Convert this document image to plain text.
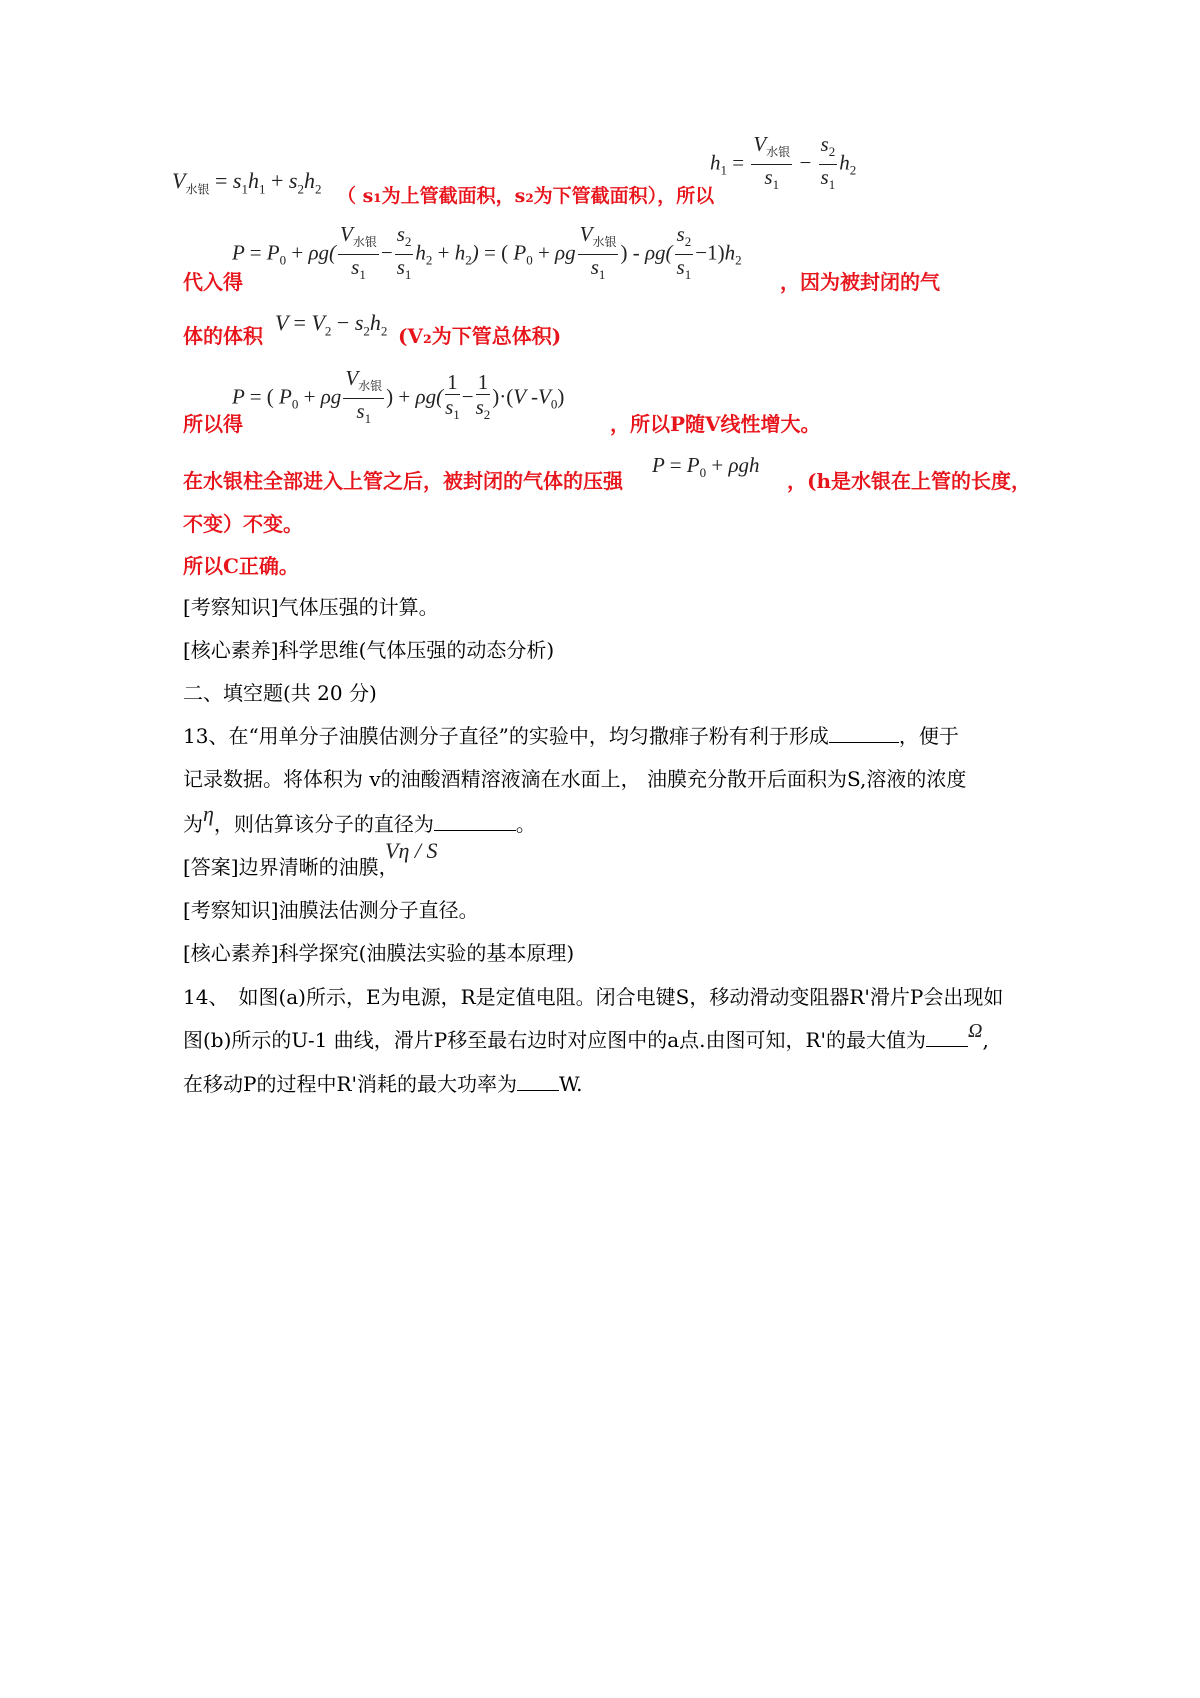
$V_{水银} = s_1h_1 + s_2h_2$ （ s₁为上管截面积，s₂为下管截面积），所以
$h_1 = \frac{V_{水银}}{s_1} - \frac{s_2}{s_1} h_2$
$P = P_0 + \rho g( \frac{V_{水银}}{s_1} - \frac{s_2}{s_1} h_2 + h_2)$ = ( $P_0 + \rho g \frac{V_{水银}}{s_1}$ ) - $\rho g( \frac{s_2}{s_1} -1)h_2$
代入得	，因为被封闭的气
体的体积
$V = V_2 - s_2h_2$ (V₂为下管总体积)
P = ( $P_0 + \rho g \frac{V_{水银}}{s_1}$ ) + $\rho g( \frac{1}{s_1} - \frac{1}{s_2} )\cdot(V$ $-V_0$)
所以得	，所以P随V线性增大。
在水银柱全部进入上管之后，被封闭的气体的压强
$P = P_0 + \rho gh$
，(h是水银在上管的长度，
不变）不变。
所以C正确。
[考察知识]气体压强的计算。
[核心素养]科学思维(气体压强的动态分析)
二、填空题(共 20 分)
13、在“用单分子油膜估测分子直径”的实验中，均匀撒痱子粉有利于形成	，便于
记录数据。将体积为 v的油酸酒精溶液滴在水面上， 油膜充分散开后面积为S,溶液的浓度
为η，则估算该分子的直径为	。
[答案]边界清晰的油膜，
Vη / S
[考察知识]油膜法估测分子直径。
[核心素养]科学探究(油膜法实验的基本原理)
14、　如图(a)所示，E为电源，R是定值电阻。闭合电键S，移动滑动变阻器R'滑片P会出现如
图(b)所示的U-1 曲线，滑片P移至最右边时对应图中的a点.由图可知，R'的最大值为 Ω,
在移动P的过程中R'消耗的最大功率为 W.
